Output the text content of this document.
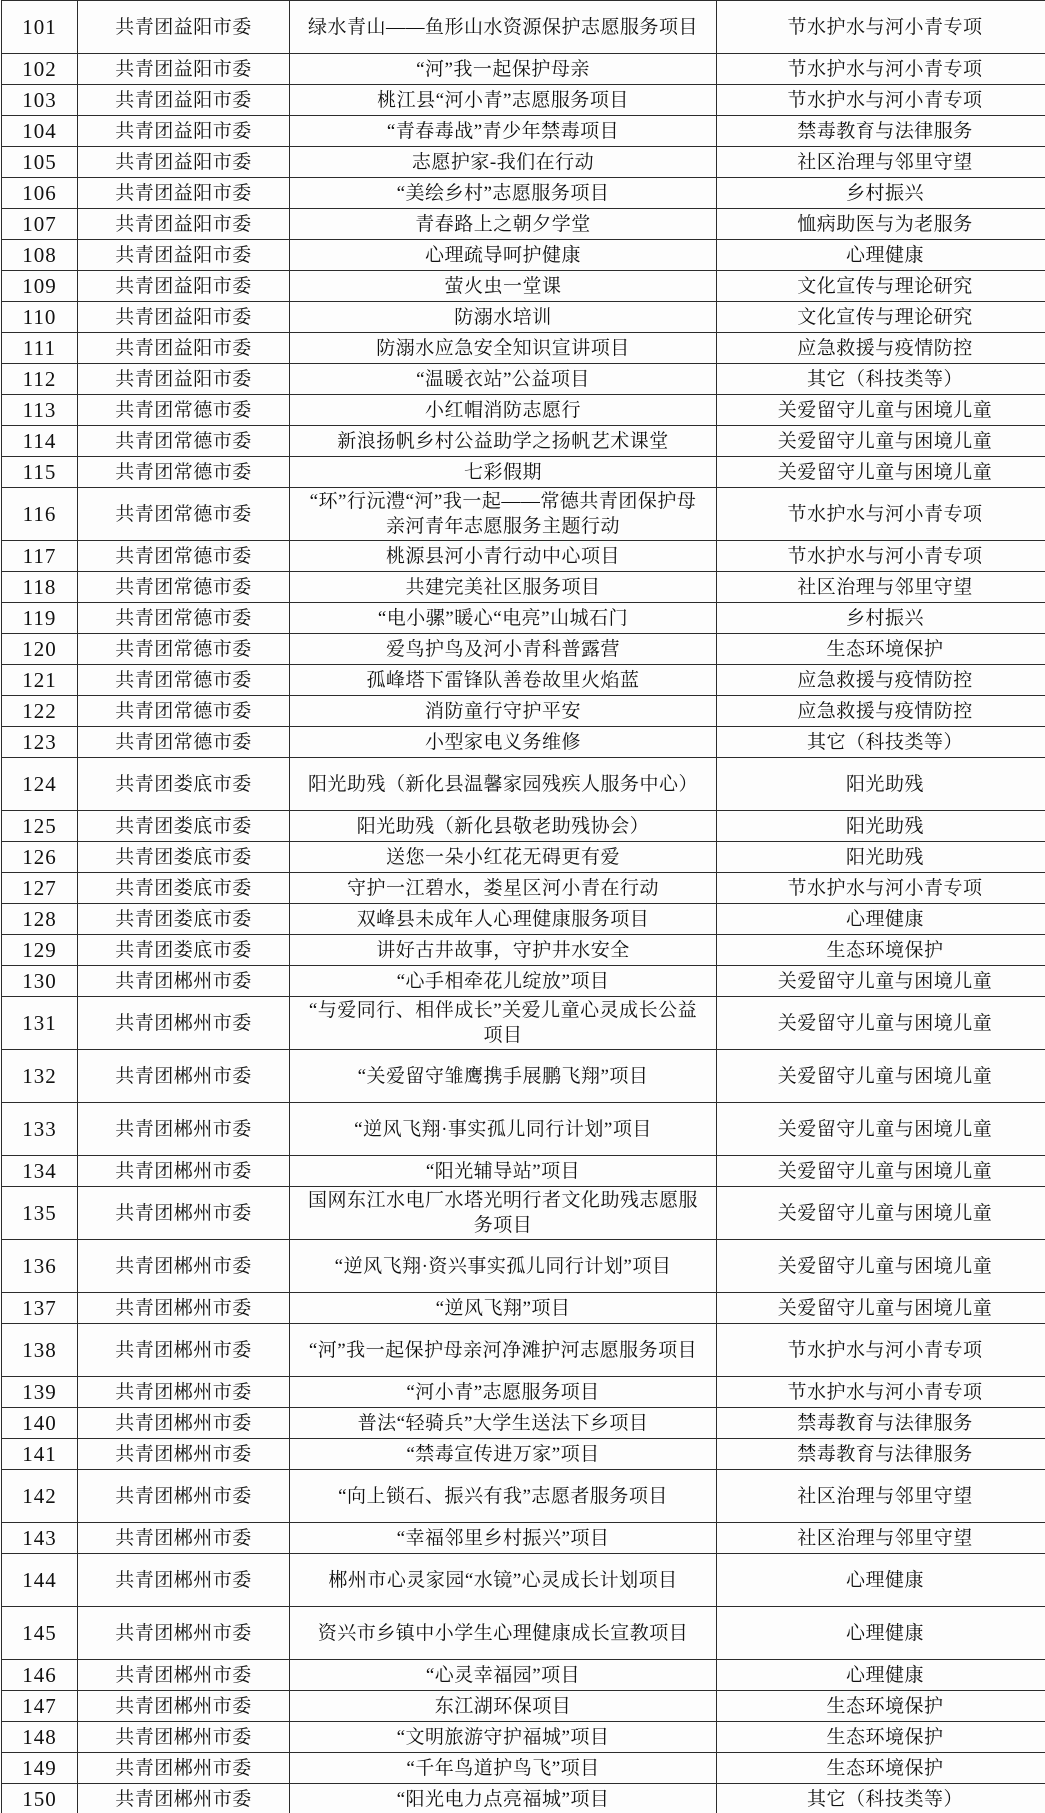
101	共青团益阳市委	绿水青山——鱼形山水资源保护志愿服务项目	节水护水与河小青专项
102	共青团益阳市委	“河”我一起保护母亲	节水护水与河小青专项
103	共青团益阳市委	桃江县“河小青”志愿服务项目	节水护水与河小青专项
104	共青团益阳市委	“青春毒战”青少年禁毒项目	禁毒教育与法律服务
105	共青团益阳市委	志愿护家-我们在行动	社区治理与邻里守望
106	共青团益阳市委	“美绘乡村”志愿服务项目	乡村振兴
107	共青团益阳市委	青春路上之朝夕学堂	恤病助医与为老服务
108	共青团益阳市委	心理疏导呵护健康	心理健康
109	共青团益阳市委	萤火虫一堂课	文化宣传与理论研究
110	共青团益阳市委	防溺水培训	文化宣传与理论研究
111	共青团益阳市委	防溺水应急安全知识宣讲项目	应急救援与疫情防控
112	共青团益阳市委	“温暖衣站”公益项目	其它（科技类等）
113	共青团常德市委	小红帽消防志愿行	关爱留守儿童与困境儿童
114	共青团常德市委	新浪扬帆乡村公益助学之扬帆艺术课堂	关爱留守儿童与困境儿童
115	共青团常德市委	七彩假期	关爱留守儿童与困境儿童
116	共青团常德市委	“环”行沅澧“河”我一起——常德共青团保护母亲河青年志愿服务主题行动	节水护水与河小青专项
117	共青团常德市委	桃源县河小青行动中心项目	节水护水与河小青专项
118	共青团常德市委	共建完美社区服务项目	社区治理与邻里守望
119	共青团常德市委	“电小骡”暖心“电亮”山城石门	乡村振兴
120	共青团常德市委	爱鸟护鸟及河小青科普露营	生态环境保护
121	共青团常德市委	孤峰塔下雷锋队善卷故里火焰蓝	应急救援与疫情防控
122	共青团常德市委	消防童行守护平安	应急救援与疫情防控
123	共青团常德市委	小型家电义务维修	其它（科技类等）
124	共青团娄底市委	阳光助残（新化县温馨家园残疾人服务中心）	阳光助残
125	共青团娄底市委	阳光助残（新化县敬老助残协会）	阳光助残
126	共青团娄底市委	送您一朵小红花无碍更有爱	阳光助残
127	共青团娄底市委	守护一江碧水，娄星区河小青在行动	节水护水与河小青专项
128	共青团娄底市委	双峰县未成年人心理健康服务项目	心理健康
129	共青团娄底市委	讲好古井故事，守护井水安全	生态环境保护
130	共青团郴州市委	“心手相牵花儿绽放”项目	关爱留守儿童与困境儿童
131	共青团郴州市委	“与爱同行、相伴成长”关爱儿童心灵成长公益项目	关爱留守儿童与困境儿童
132	共青团郴州市委	“关爱留守雏鹰携手展鹏飞翔”项目	关爱留守儿童与困境儿童
133	共青团郴州市委	“逆风飞翔·事实孤儿同行计划”项目	关爱留守儿童与困境儿童
134	共青团郴州市委	“阳光辅导站”项目	关爱留守儿童与困境儿童
135	共青团郴州市委	国网东江水电厂水塔光明行者文化助残志愿服务项目	关爱留守儿童与困境儿童
136	共青团郴州市委	“逆风飞翔·资兴事实孤儿同行计划”项目	关爱留守儿童与困境儿童
137	共青团郴州市委	“逆风飞翔”项目	关爱留守儿童与困境儿童
138	共青团郴州市委	“河”我一起保护母亲河净滩护河志愿服务项目	节水护水与河小青专项
139	共青团郴州市委	“河小青”志愿服务项目	节水护水与河小青专项
140	共青团郴州市委	普法“轻骑兵”大学生送法下乡项目	禁毒教育与法律服务
141	共青团郴州市委	“禁毒宣传进万家”项目	禁毒教育与法律服务
142	共青团郴州市委	“向上锁石、振兴有我”志愿者服务项目	社区治理与邻里守望
143	共青团郴州市委	“幸福邻里乡村振兴”项目	社区治理与邻里守望
144	共青团郴州市委	郴州市心灵家园“水镜”心灵成长计划项目	心理健康
145	共青团郴州市委	资兴市乡镇中小学生心理健康成长宣教项目	心理健康
146	共青团郴州市委	“心灵幸福园”项目	心理健康
147	共青团郴州市委	东江湖环保项目	生态环境保护
148	共青团郴州市委	“文明旅游守护福城”项目	生态环境保护
149	共青团郴州市委	“千年鸟道护鸟飞”项目	生态环境保护
150	共青团郴州市委	“阳光电力点亮福城”项目	其它（科技类等）
